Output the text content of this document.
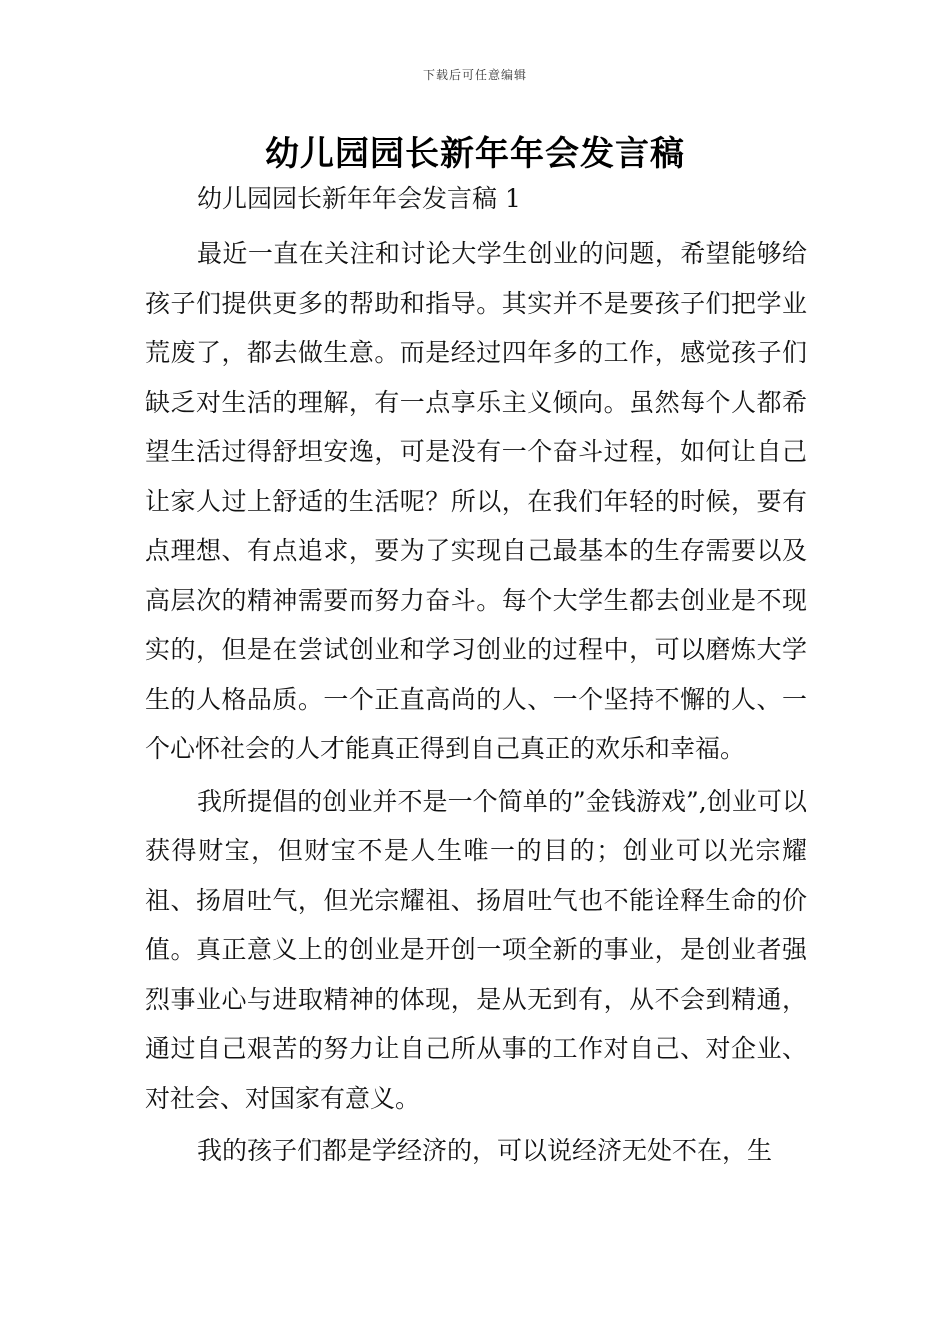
下载后可任意编辑
幼儿园园长新年年会发言稿

幼儿园园长新年年会发言稿 1

最近一直在关注和讨论大学生创业的问题，希望能够给孩子们提供更多的帮助和指导。其实并不是要孩子们把学业荒废了，都去做生意。而是经过四年多的工作，感觉孩子们缺乏对生活的理解，有一点享乐主义倾向。虽然每个人都希望生活过得舒坦安逸，可是没有一个奋斗过程，如何让自己让家人过上舒适的生活呢？所以，在我们年轻的时候，要有点理想、有点追求，要为了实现自己最基本的生存需要以及高层次的精神需要而努力奋斗。每个大学生都去创业是不现实的，但是在尝试创业和学习创业的过程中，可以磨炼大学生的人格品质。一个正直高尚的人、一个坚持不懈的人、一个心怀社会的人才能真正得到自己真正的欢乐和幸福。

我所提倡的创业并不是一个简单的”金钱游戏”,创业可以获得财宝，但财宝不是人生唯一的目的；创业可以光宗耀祖、扬眉吐气，但光宗耀祖、扬眉吐气也不能诠释生命的价值。真正意义上的创业是开创一项全新的事业，是创业者强烈事业心与进取精神的体现，是从无到有，从不会到精通，通过自己艰苦的努力让自己所从事的工作对自己、对企业、对社会、对国家有意义。

我的孩子们都是学经济的，可以说经济无处不在，生
